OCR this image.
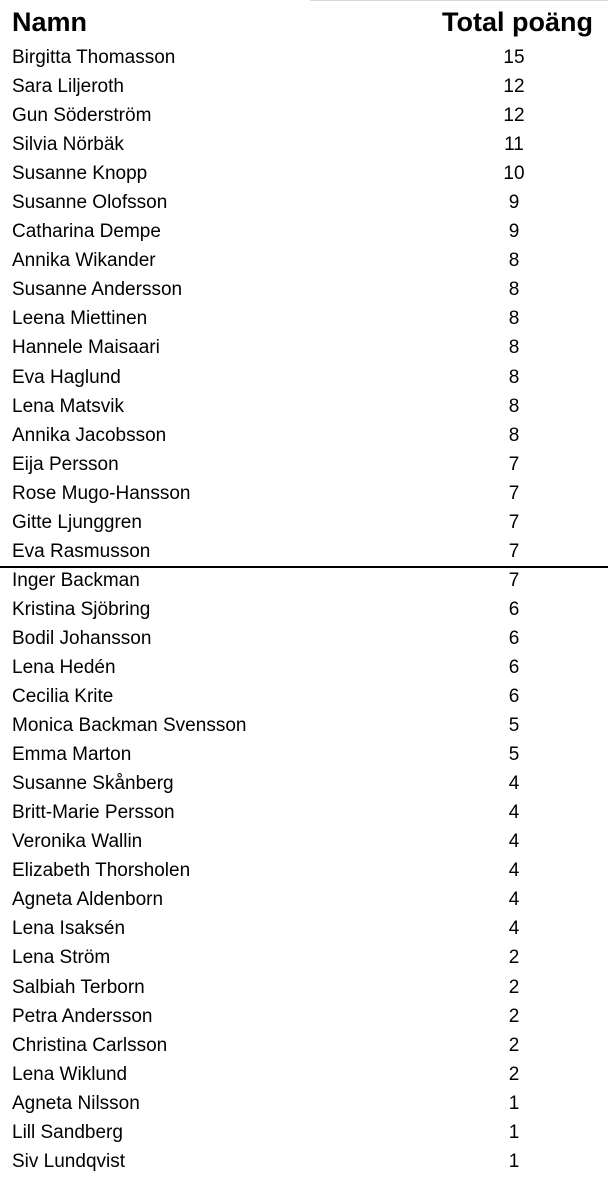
Namn	Total poäng
Birgitta Thomasson	15
Sara Liljeroth	12
Gun Söderström	12
Silvia Nörbäk	11
Susanne Knopp	10
Susanne Olofsson	9
Catharina Dempe	9
Annika Wikander	8
Susanne Andersson	8
Leena Miettinen	8
Hannele Maisaari	8
Eva Haglund	8
Lena Matsvik	8
Annika Jacobsson	8
Eija Persson	7
Rose Mugo-Hansson	7
Gitte Ljunggren	7
Eva Rasmusson	7
Inger Backman	7
Kristina Sjöbring	6
Bodil Johansson	6
Lena Hedén	6
Cecilia Krite	6
Monica Backman Svensson	5
Emma Marton	5
Susanne Skånberg	4
Britt-Marie Persson	4
Veronika Wallin	4
Elizabeth Thorsholen	4
Agneta Aldenborn	4
Lena Isaksén	4
Lena Ström	2
Salbiah Terborn	2
Petra Andersson	2
Christina Carlsson	2
Lena Wiklund	2
Agneta Nilsson	1
Lill Sandberg	1
Siv Lundqvist	1
